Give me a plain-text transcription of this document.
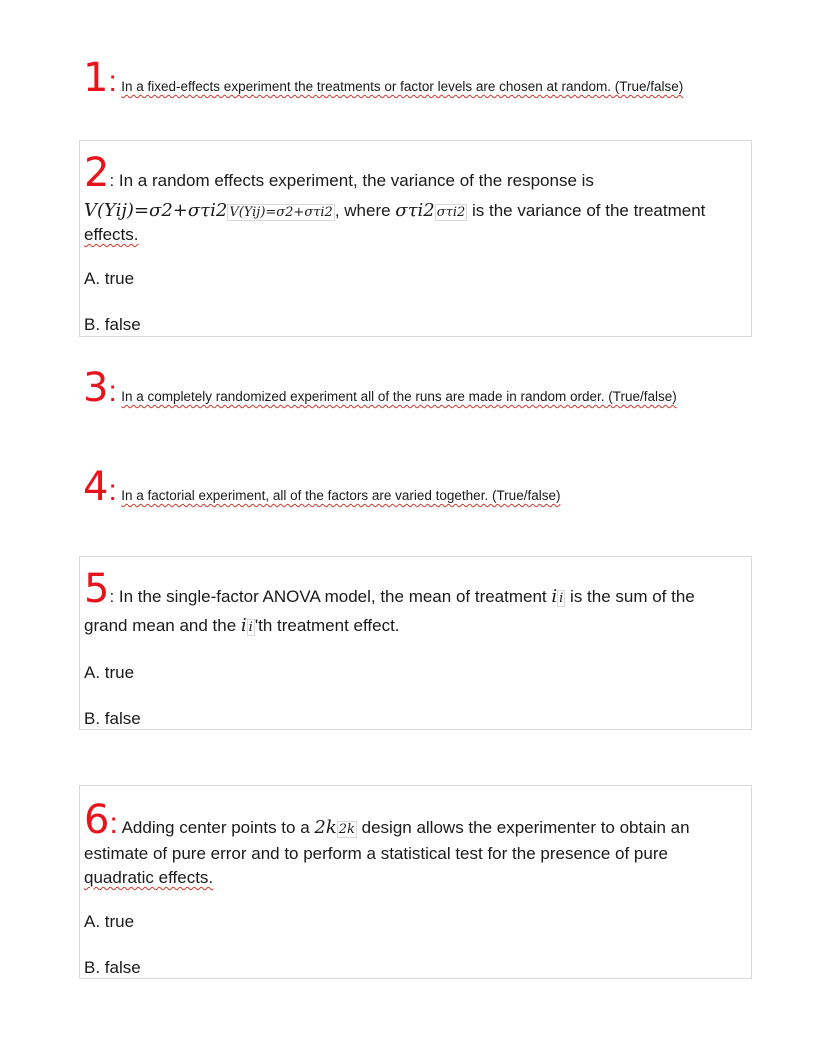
1: In a fixed-effects experiment the treatments or factor levels are chosen at random. (True/false)
2: In a random effects experiment, the variance of the response is
V(Yij)=σ2+στi2 V(Yij)=σ2+στi2 , where στi2 στi2 is the variance of the treatment
effects.
A. true
B. false
3: In a completely randomized experiment all of the runs are made in random order. (True/false)
4: In a factorial experiment, all of the factors are varied together. (True/false)
5: In the single-factor ANOVA model, the mean of treatment i i is the sum of the
grand mean and the i i 'th treatment effect.
A. true
B. false
6: Adding center points to a 2k 2k design allows the experimenter to obtain an
estimate of pure error and to perform a statistical test for the presence of pure
quadratic effects.
A. true
B. false
